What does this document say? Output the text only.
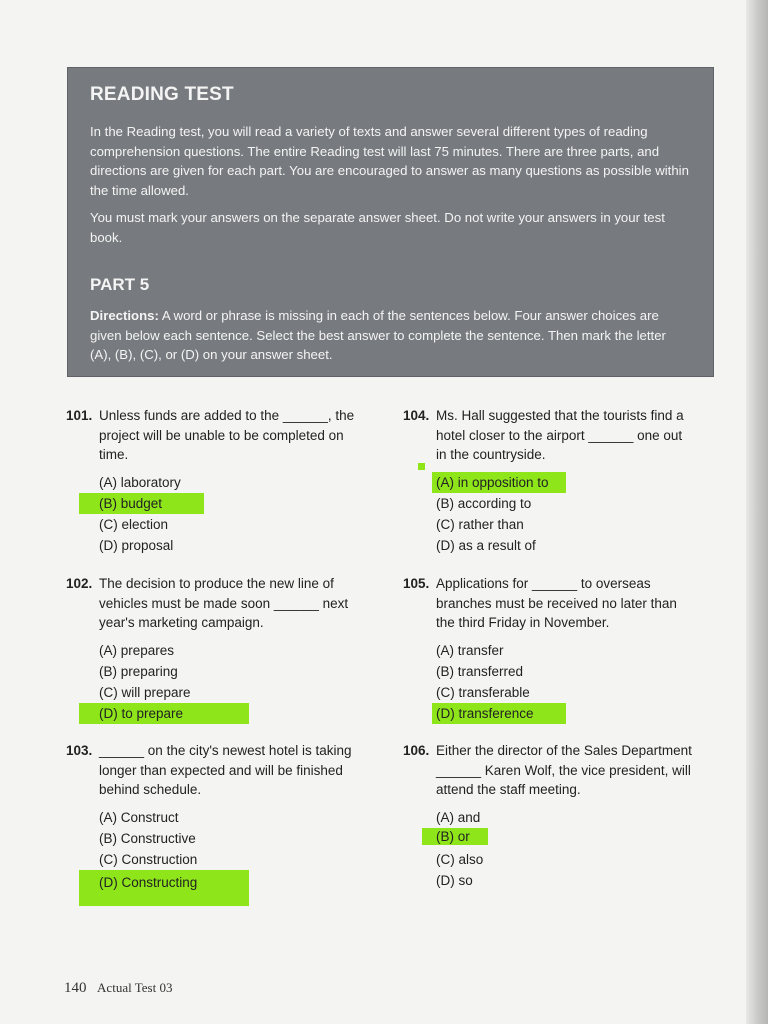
READING TEST

In the Reading test, you will read a variety of texts and answer several different types of reading comprehension questions. The entire Reading test will last 75 minutes. There are three parts, and directions are given for each part. You are encouraged to answer as many questions as possible within the time allowed.

You must mark your answers on the separate answer sheet. Do not write your answers in your test book.

PART 5

Directions: A word or phrase is missing in each of the sentences below. Four answer choices are given below each sentence. Select the best answer to complete the sentence. Then mark the letter (A), (B), (C), or (D) on your answer sheet.

101. Unless funds are added to the ______, the project will be unable to be completed on time.
(A) laboratory
(B) budget
(C) election
(D) proposal
102. The decision to produce the new line of vehicles must be made soon ______ next year's marketing campaign.
(A) prepares
(B) preparing
(C) will prepare
(D) to prepare
103. ______ on the city's newest hotel is taking longer than expected and will be finished behind schedule.
(A) Construct
(B) Constructive
(C) Construction
(D) Constructing
104. Ms. Hall suggested that the tourists find a hotel closer to the airport ______ one out in the countryside.
(A) in opposition to
(B) according to
(C) rather than
(D) as a result of
105. Applications for ______ to overseas branches must be received no later than the third Friday in November.
(A) transfer
(B) transferred
(C) transferable
(D) transference
106. Either the director of the Sales Department ______ Karen Wolf, the vice president, will attend the staff meeting.
(A) and
(B) or
(C) also
(D) so
140 Actual Test 03
